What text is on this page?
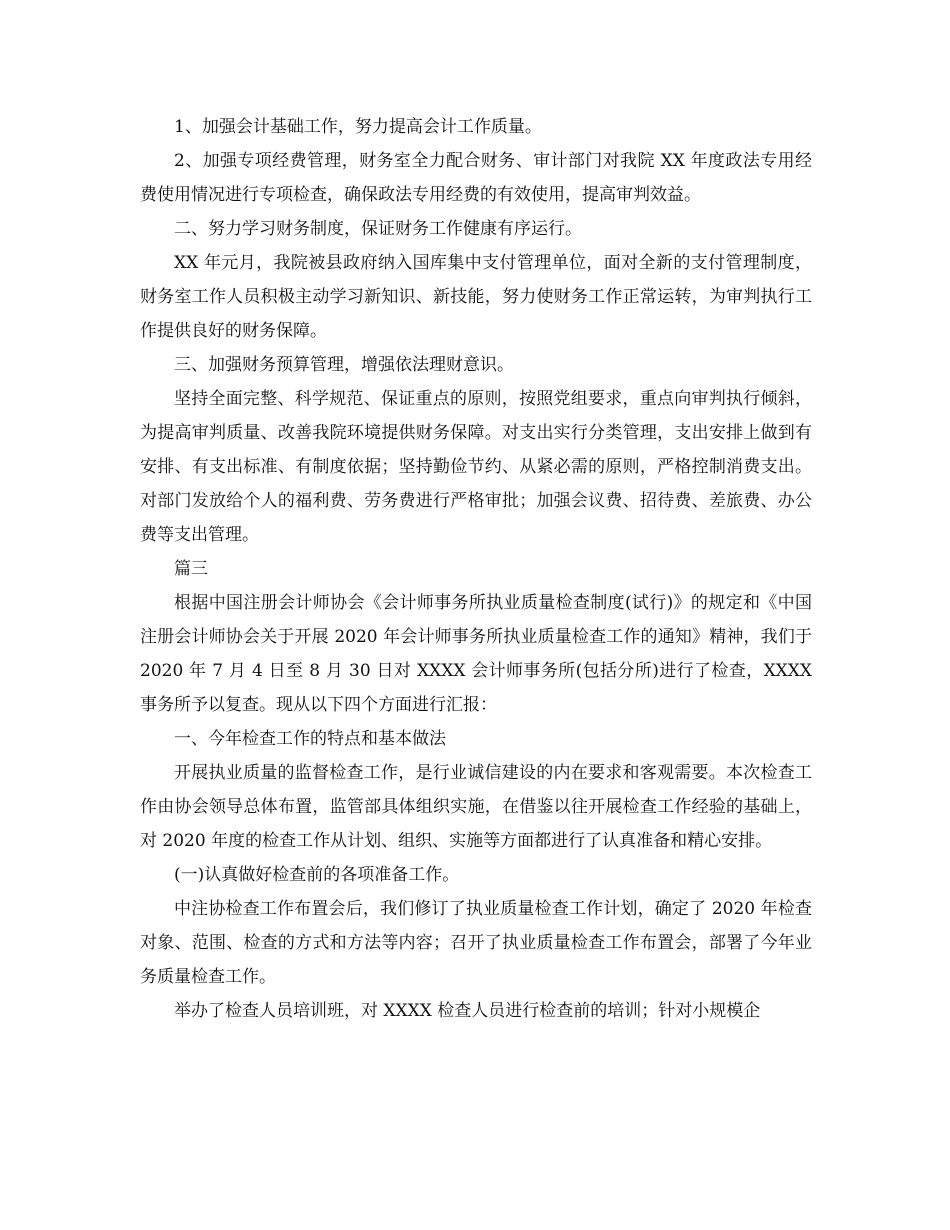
1、加强会计基础工作，努力提高会计工作质量。

2、加强专项经费管理，财务室全力配合财务、审计部门对我院 XX 年度政法专用经费使用情况进行专项检查，确保政法专用经费的有效使用，提高审判效益。

二、努力学习财务制度，保证财务工作健康有序运行。

XX 年元月，我院被县政府纳入国库集中支付管理单位，面对全新的支付管理制度，财务室工作人员积极主动学习新知识、新技能，努力使财务工作正常运转，为审判执行工作提供良好的财务保障。

三、加强财务预算管理，增强依法理财意识。

坚持全面完整、科学规范、保证重点的原则，按照党组要求，重点向审判执行倾斜，为提高审判质量、改善我院环境提供财务保障。对支出实行分类管理，支出安排上做到有安排、有支出标准、有制度依据；坚持勤俭节约、从紧必需的原则，严格控制消费支出。对部门发放给个人的福利费、劳务费进行严格审批；加强会议费、招待费、差旅费、办公费等支出管理。

篇三

根据中国注册会计师协会《会计师事务所执业质量检查制度(试行)》的规定和《中国注册会计师协会关于开展 2020 年会计师事务所执业质量检查工作的通知》精神，我们于 2020 年 7 月 4 日至 8 月 30 日对 XXXX 会计师事务所(包括分所)进行了检查，XXXX 事务所予以复查。现从以下四个方面进行汇报：

一、今年检查工作的特点和基本做法

开展执业质量的监督检查工作，是行业诚信建设的内在要求和客观需要。本次检查工作由协会领导总体布置，监管部具体组织实施，在借鉴以往开展检查工作经验的基础上，对 2020 年度的检查工作从计划、组织、实施等方面都进行了认真准备和精心安排。

(一)认真做好检查前的各项准备工作。

中注协检查工作布置会后，我们修订了执业质量检查工作计划，确定了 2020 年检查对象、范围、检查的方式和方法等内容；召开了执业质量检查工作布置会，部署了今年业务质量检查工作。

举办了检查人员培训班，对 XXXX 检查人员进行检查前的培训；针对小规模企
